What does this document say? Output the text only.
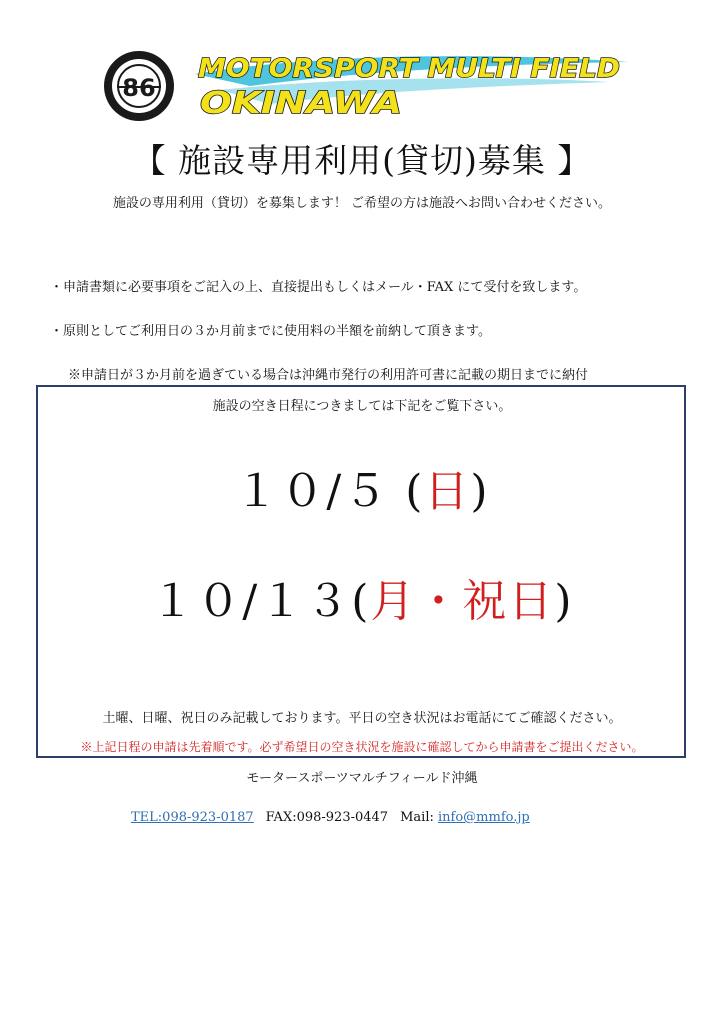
86
MOTORSPORT MULTI FIELD
OKINAWA
【 施設専用利用(貸切)募集 】
施設の専用利用（貸切）を募集します！ ご希望の方は施設へお問い合わせください。
・申請書類に必要事項をご記入の上、直接提出もしくはメール・FAX にて受付を致します。
・原則としてご利用日の３か月前までに使用料の半額を前納して頂きます。
※申請日が３か月前を過ぎている場合は沖縄市発行の利用許可書に記載の期日までに納付
施設の空き日程につきましては下記をご覧下さい。
１０/５ (日)
１０/１３(月・祝日)
土曜、日曜、祝日のみ記載しております。平日の空き状況はお電話にてご確認ください。
※上記日程の申請は先着順です。必ず希望日の空き状況を施設に確認してから申請書をご提出ください。
モータースポーツマルチフィールド沖縄
TEL:098-923-0187 FAX:098-923-0447 Mail: info@mmfo.jp
